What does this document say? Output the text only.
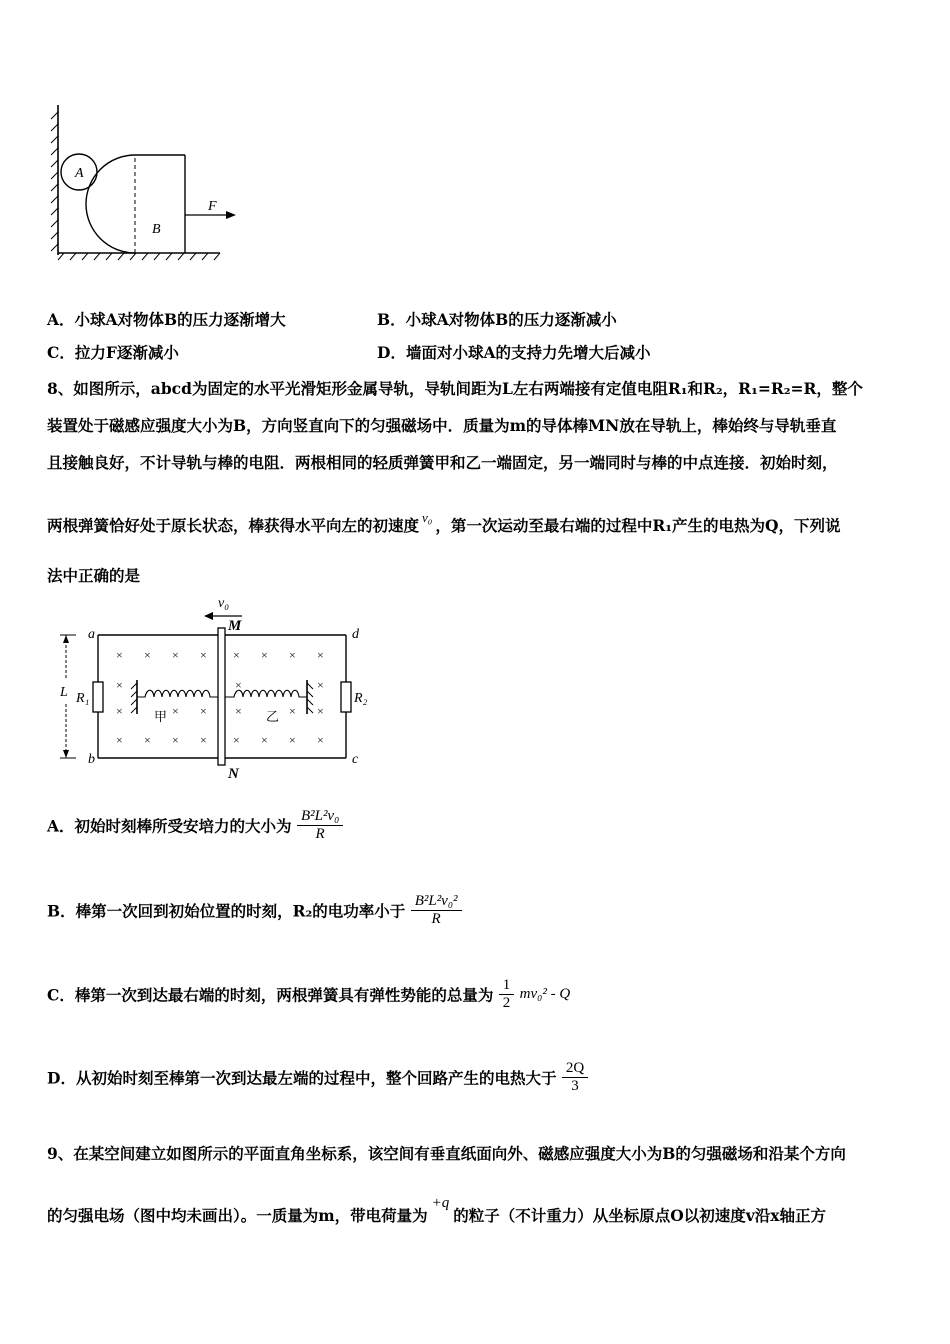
A
B
F
A．小球A对物体B的压力逐渐增大	B．小球A对物体B的压力逐渐减小
C．拉力F逐渐减小	D．墙面对小球A的支持力先增大后减小
8、如图所示，abcd为固定的水平光滑矩形金属导轨，导轨间距为L左右两端接有定值电阻R₁和R₂，R₁=R₂=R，整个
装置处于磁感应强度大小为B，方向竖直向下的匀强磁场中．质量为m的导体棒MN放在导轨上，棒始终与导轨垂直
且接触良好，不计导轨与棒的电阻．两根相同的轻质弹簧甲和乙一端固定，另一端同时与棒的中点连接．初始时刻，
两根弹簧恰好处于原长状态，棒获得水平向左的初速度 $^{v_0}$ ，第一次运动至最右端的过程中R₁产生的电热为Q，下列说
法中正确的是
v₀
R₁	R₂
a
b	c
d
L
M
N
甲	乙
× × × × × × × ×
×	×	×
×	× × ×	× ×
× × × × × × × ×
A．初始时刻棒所受安培力的大小为 $\frac{\text{B²L²v₀}}{R}$
B．棒第一次回到初始位置的时刻，R₂的电功率小于 $\frac{\text{B²L²v₀²}}{R}$
C．棒第一次到达最右端的时刻，两根弹簧具有弹性势能的总量为 $\frac{1}{2} mv_0^2$ - Q
D．从初始时刻至棒第一次到达最左端的过程中，整个回路产生的电热大于 $\frac{2Q}{3}$
9、在某空间建立如图所示的平面直角坐标系，该空间有垂直纸面向外、磁感应强度大小为B的匀强磁场和沿某个方向
的匀强电场（图中均未画出）。一质量为m，带电荷量为+q的粒子（不计重力）从坐标原点O以初速度v沿x轴正方
